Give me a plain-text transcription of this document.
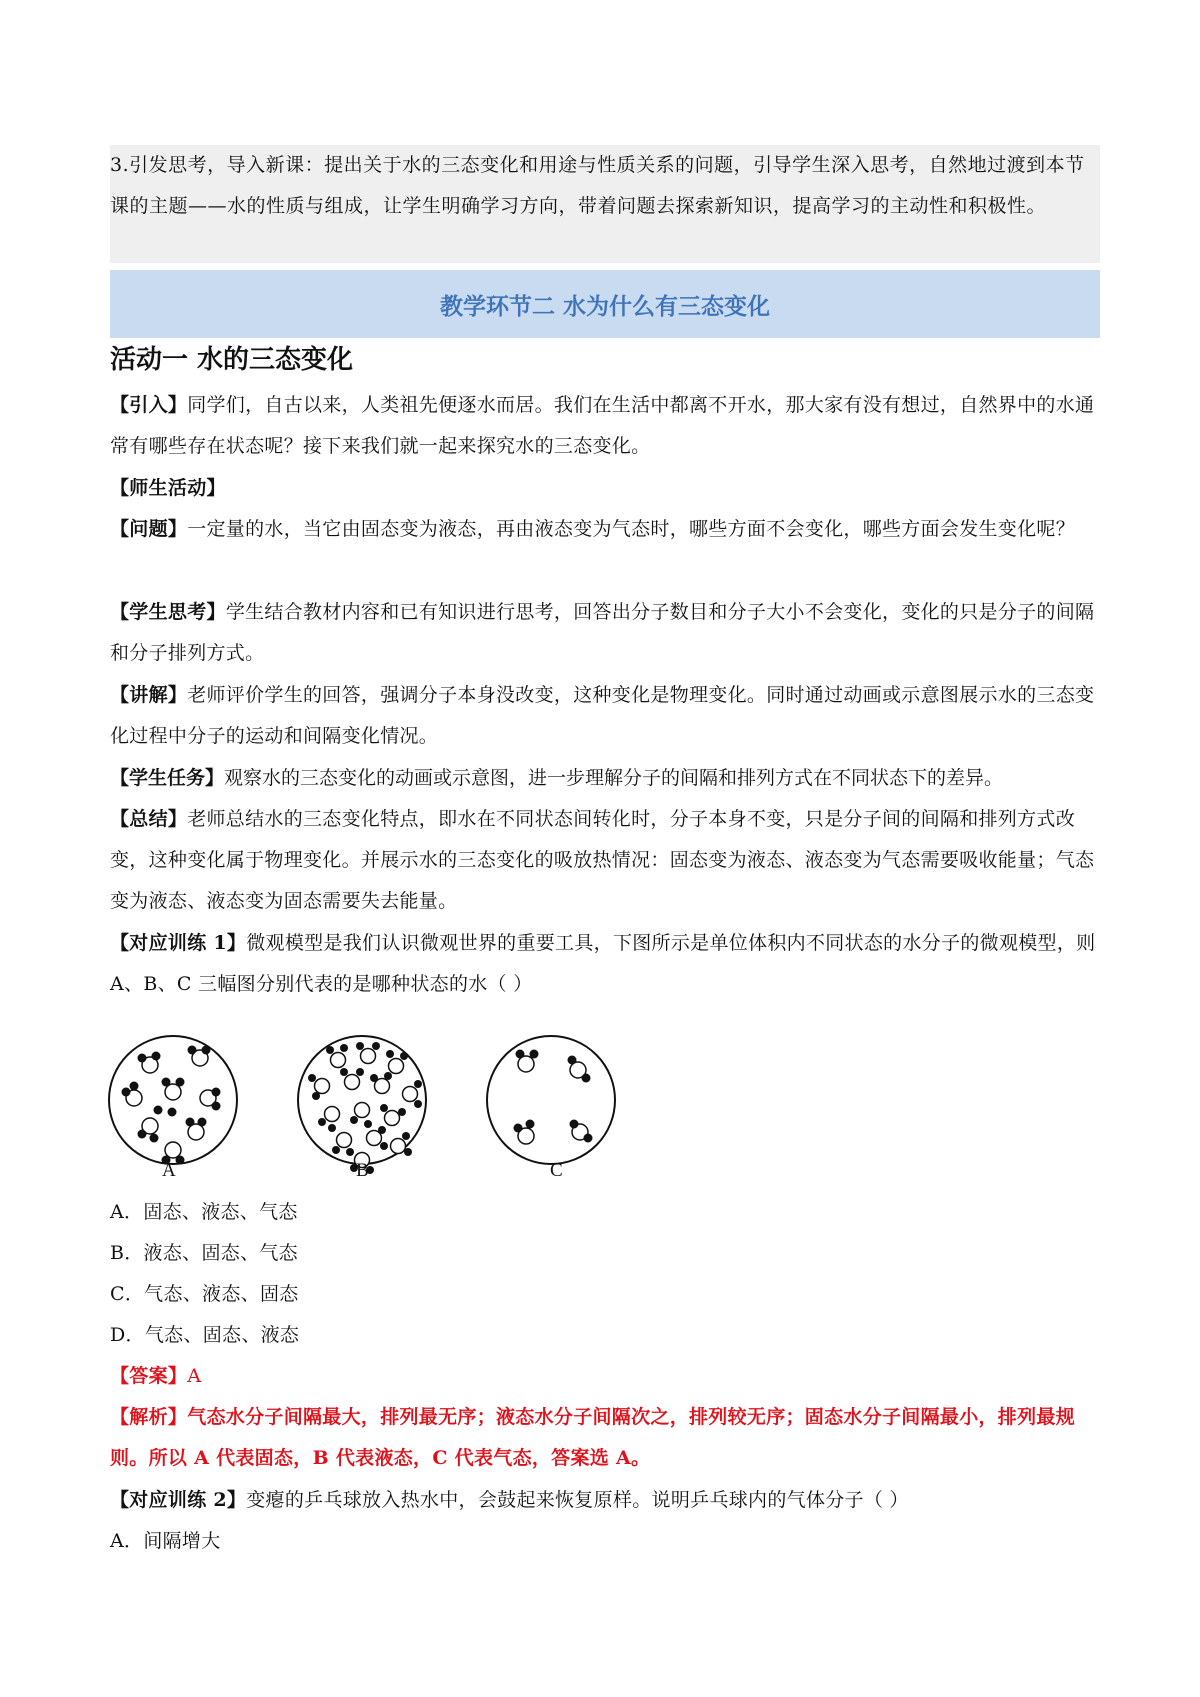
3.引发思考，导入新课：提出关于水的三态变化和用途与性质关系的问题，引导学生深入思考，自然地过渡到本节课的主题——水的性质与组成，让学生明确学习方向，带着问题去探索新知识，提高学习的主动性和积极性。

教学环节二 水为什么有三态变化
活动一 水的三态变化

【引入】同学们，自古以来，人类祖先便逐水而居。我们在生活中都离不开水，那大家有没有想过，自然界中的水通常有哪些存在状态呢？接下来我们就一起来探究水的三态变化。

【师生活动】

【问题】一定量的水，当它由固态变为液态，再由液态变为气态时，哪些方面不会变化，哪些方面会发生变化呢？

【学生思考】学生结合教材内容和已有知识进行思考，回答出分子数目和分子大小不会变化，变化的只是分子的间隔和分子排列方式。

【讲解】老师评价学生的回答，强调分子本身没改变，这种变化是物理变化。同时通过动画或示意图展示水的三态变化过程中分子的运动和间隔变化情况。

【学生任务】观察水的三态变化的动画或示意图，进一步理解分子的间隔和排列方式在不同状态下的差异。

【总结】老师总结水的三态变化特点，即水在不同状态间转化时，分子本身不变，只是分子间的间隔和排列方式改变，这种变化属于物理变化。并展示水的三态变化的吸放热情况：固态变为液态、液态变为气态需要吸收能量；气态变为液态、液态变为固态需要失去能量。

【对应训练 1】微观模型是我们认识微观世界的重要工具，下图所示是单位体积内不同状态的水分子的微观模型，则 A、B、C 三幅图分别代表的是哪种状态的水（ ）

A	B	C

A．固态、液态、气态

B．液态、固态、气态

C．气态、液态、固态

D．气态、固态、液态

【答案】A

【解析】气态水分子间隔最大，排列最无序；液态水分子间隔次之，排列较无序；固态水分子间隔最小，排列最规则。所以 A 代表固态，B 代表液态，C 代表气态，答案选 A。

【对应训练 2】变瘪的乒乓球放入热水中，会鼓起来恢复原样。说明乒乓球内的气体分子（ ）

A．间隔增大
